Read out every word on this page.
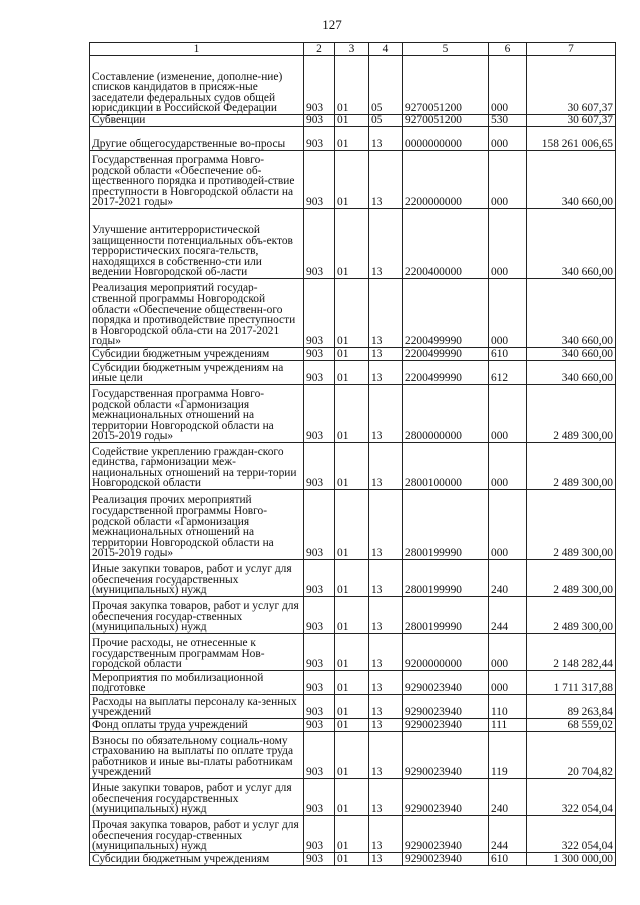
127
1	2	3	4	5	6	7
Составление (изменение, дополне-ние) списков кандидатов в присяж-ные заседатели федеральных судов общей юрисдикции в Российской Федерации	903	01	05	9270051200	000	30 607,37
Субвенции	903	01	05	9270051200	530	30 607,37
Другие общегосударственные во-просы	903	01	13	0000000000	000	158 261 006,65
Государственная программа Новго-родской области «Обеспечение об-щественного порядка и противодей-ствие преступности в Новгородской области на 2017-2021 годы»	903	01	13	2200000000	000	340 660,00
Улучшение антитеррористической защищенности потенциальных объ-ектов террористических посяга-тельств, находящихся в собственно-сти или ведении Новгородской об-ласти	903	01	13	2200400000	000	340 660,00
Реализация мероприятий государ-ственной программы Новгородской области «Обеспечение общественн-ого порядка и противодействие преступности в Новгородской обла-сти на 2017-2021 годы»	903	01	13	2200499990	000	340 660,00
Субсидии бюджетным учреждениям	903	01	13	2200499990	610	340 660,00
Субсидии бюджетным учреждениям на иные цели	903	01	13	2200499990	612	340 660,00
Государственная программа Новго-родской области «Гармонизация межнациональных отношений на территории Новгородской области на 2015-2019 годы»	903	01	13	2800000000	000	2 489 300,00
Содействие укреплению граждан-ского единства, гармонизации меж-национальных отношений на терри-тории Новгородской области	903	01	13	2800100000	000	2 489 300,00
Реализация прочих мероприятий государственной программы Новго-родской области «Гармонизация межнациональных отношений на территории Новгородской области на 2015-2019 годы»	903	01	13	2800199990	000	2 489 300,00
Иные закупки товаров, работ и услуг для обеспечения государственных (муниципальных) нужд	903	01	13	2800199990	240	2 489 300,00
Прочая закупка товаров, работ и услуг для обеспечения государ-ственных (муниципальных) нужд	903	01	13	2800199990	244	2 489 300,00
Прочие расходы, не отнесенные к государственным программам Нов-городской области	903	01	13	9200000000	000	2 148 282,44
Мероприятия по мобилизационной подготовке	903	01	13	9290023940	000	1 711 317,88
Расходы на выплаты персоналу ка-зенных учреждений	903	01	13	9290023940	110	89 263,84
Фонд оплаты труда учреждений	903	01	13	9290023940	111	68 559,02
Взносы по обязательному социаль-ному страхованию на выплаты по оплате труда работников и иные вы-платы работникам учреждений	903	01	13	9290023940	119	20 704,82
Иные закупки товаров, работ и услуг для обеспечения государственных (муниципальных) нужд	903	01	13	9290023940	240	322 054,04
Прочая закупка товаров, работ и услуг для обеспечения государ-ственных (муниципальных) нужд	903	01	13	9290023940	244	322 054,04
Субсидии бюджетным учреждениям	903	01	13	9290023940	610	1 300 000,00
